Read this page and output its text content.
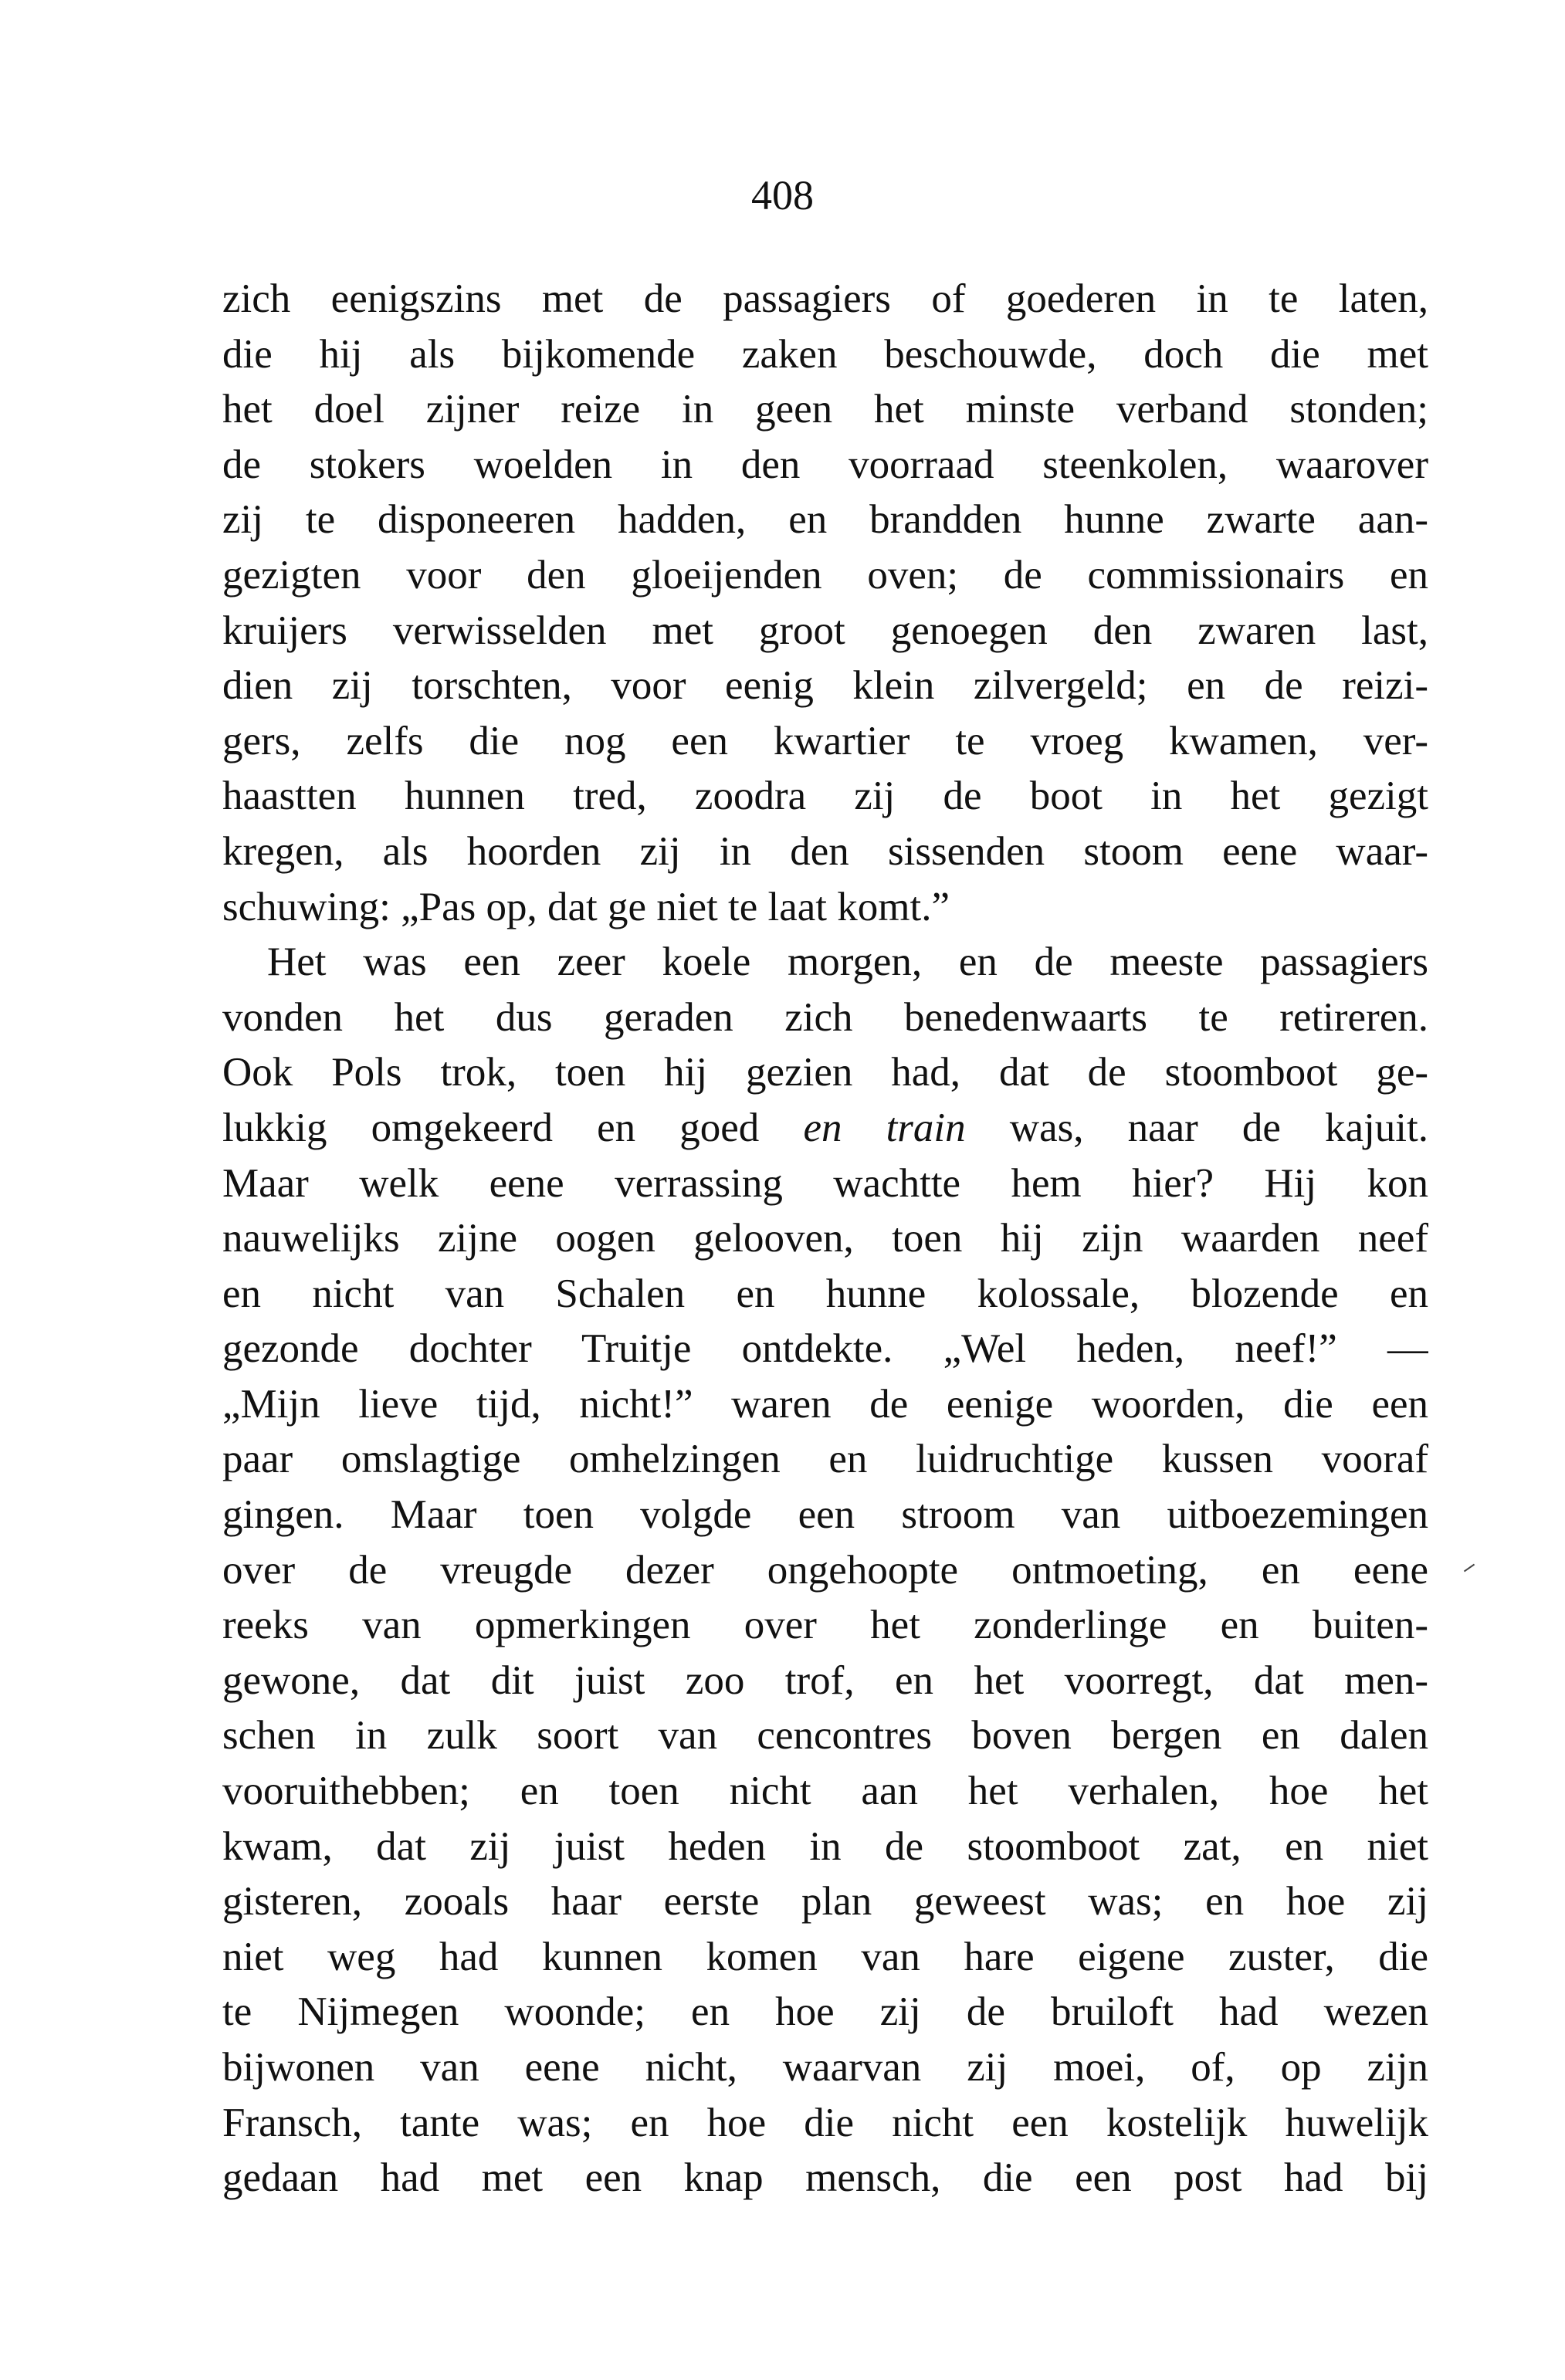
408
zich eenigszins met de passagiers of goederen in te laten,
die hij als bijkomende zaken beschouwde, doch die met
het doel zijner reize in geen het minste verband stonden;
de stokers woelden in den voorraad steenkolen, waarover
zij te disponeeren hadden, en brandden hunne zwarte aan-
gezigten voor den gloeijenden oven; de commissionairs en
kruijers verwisselden met groot genoegen den zwaren last,
dien zij torschten, voor eenig klein zilvergeld; en de reizi-
gers, zelfs die nog een kwartier te vroeg kwamen, ver-
haastten hunnen tred, zoodra zij de boot in het gezigt
kregen, als hoorden zij in den sissenden stoom eene waar-
schuwing: „Pas op, dat ge niet te laat komt.”
Het was een zeer koele morgen, en de meeste passagiers
vonden het dus geraden zich benedenwaarts te retireren.
Ook Pols trok, toen hij gezien had, dat de stoomboot ge-
lukkig omgekeerd en goed en train was, naar de kajuit.
Maar welk eene verrassing wachtte hem hier? Hij kon
nauwelijks zijne oogen gelooven, toen hij zijn waarden neef
en nicht van Schalen en hunne kolossale, blozende en
gezonde dochter Truitje ontdekte. „Wel heden, neef!” —
„Mijn lieve tijd, nicht!” waren de eenige woorden, die een
paar omslagtige omhelzingen en luidruchtige kussen vooraf
gingen. Maar toen volgde een stroom van uitboezemingen
over de vreugde dezer ongehoopte ontmoeting, en eene
reeks van opmerkingen over het zonderlinge en buiten-
gewone, dat dit juist zoo trof, en het voorregt, dat men-
schen in zulk soort van cencontres boven bergen en dalen
vooruithebben; en toen nicht aan het verhalen, hoe het
kwam, dat zij juist heden in de stoomboot zat, en niet
gisteren, zooals haar eerste plan geweest was; en hoe zij
niet weg had kunnen komen van hare eigene zuster, die
te Nijmegen woonde; en hoe zij de bruiloft had wezen
bijwonen van eene nicht, waarvan zij moei, of, op zijn
Fransch, tante was; en hoe die nicht een kostelijk huwelijk
gedaan had met een knap mensch, die een post had bij
